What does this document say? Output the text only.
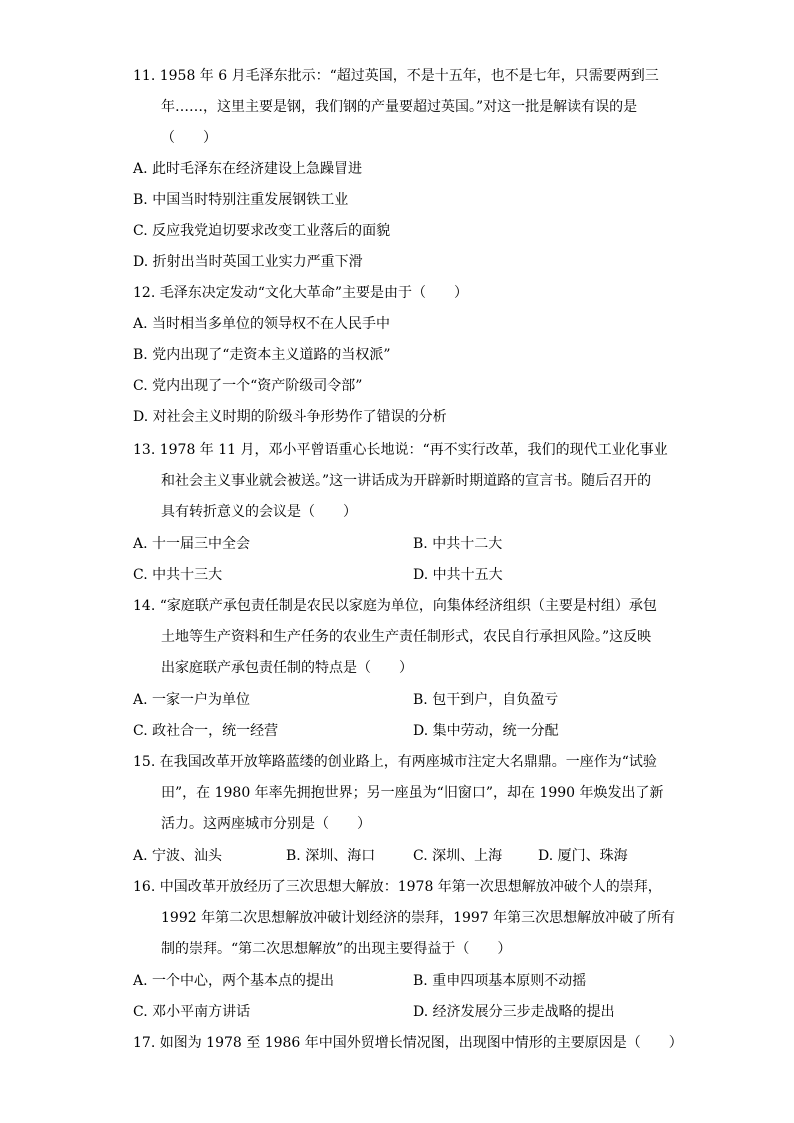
11. 1958 年 6 月毛泽东批示：“超过英国，不是十五年，也不是七年，只需要两到三
年……，这里主要是钢，我们钢的产量要超过英国。”对这一批是解读有误的是
（　　）
A. 此时毛泽东在经济建设上急躁冒进
B. 中国当时特别注重发展钢铁工业
C. 反应我党迫切要求改变工业落后的面貌
D. 折射出当时英国工业实力严重下滑
12. 毛泽东决定发动“文化大革命”主要是由于（　　）
A. 当时相当多单位的领导权不在人民手中
B. 党内出现了“走资本主义道路的当权派”
C. 党内出现了一个“资产阶级司令部”
D. 对社会主义时期的阶级斗争形势作了错误的分析
13. 1978 年 11 月，邓小平曾语重心长地说：“再不实行改革，我们的现代工业化事业
和社会主义事业就会被送。”这一讲话成为开辟新时期道路的宣言书。随后召开的
具有转折意义的会议是（　　）
A. 十一届三中全会	B. 中共十二大
C. 中共十三大	D. 中共十五大
14. “家庭联产承包责任制是农民以家庭为单位，向集体经济组织（主要是村组）承包
土地等生产资料和生产任务的农业生产责任制形式，农民自行承担风险。”这反映
出家庭联产承包责任制的特点是（　　）
A. 一家一户为单位	B. 包干到户，自负盈亏
C. 政社合一，统一经营	D. 集中劳动，统一分配
15. 在我国改革开放筚路蓝缕的创业路上，有两座城市注定大名鼎鼎。一座作为“试验
田”，在 1980 年率先拥抱世界；另一座虽为“旧窗口”，却在 1990 年焕发出了新
活力。这两座城市分别是（　　）
A. 宁波、汕头	B. 深圳、海口	C. 深圳、上海	D. 厦门、珠海
16. 中国改革开放经历了三次思想大解放：1978 年第一次思想解放冲破个人的崇拜，
1992 年第二次思想解放冲破计划经济的崇拜，1997 年第三次思想解放冲破了所有
制的崇拜。“第二次思想解放”的出现主要得益于（　　）
A. 一个中心，两个基本点的提出	B. 重申四项基本原则不动摇
C. 邓小平南方讲话	D. 经济发展分三步走战略的提出
17. 如图为 1978 至 1986 年中国外贸增长情况图，出现图中情形的主要原因是（　　）
